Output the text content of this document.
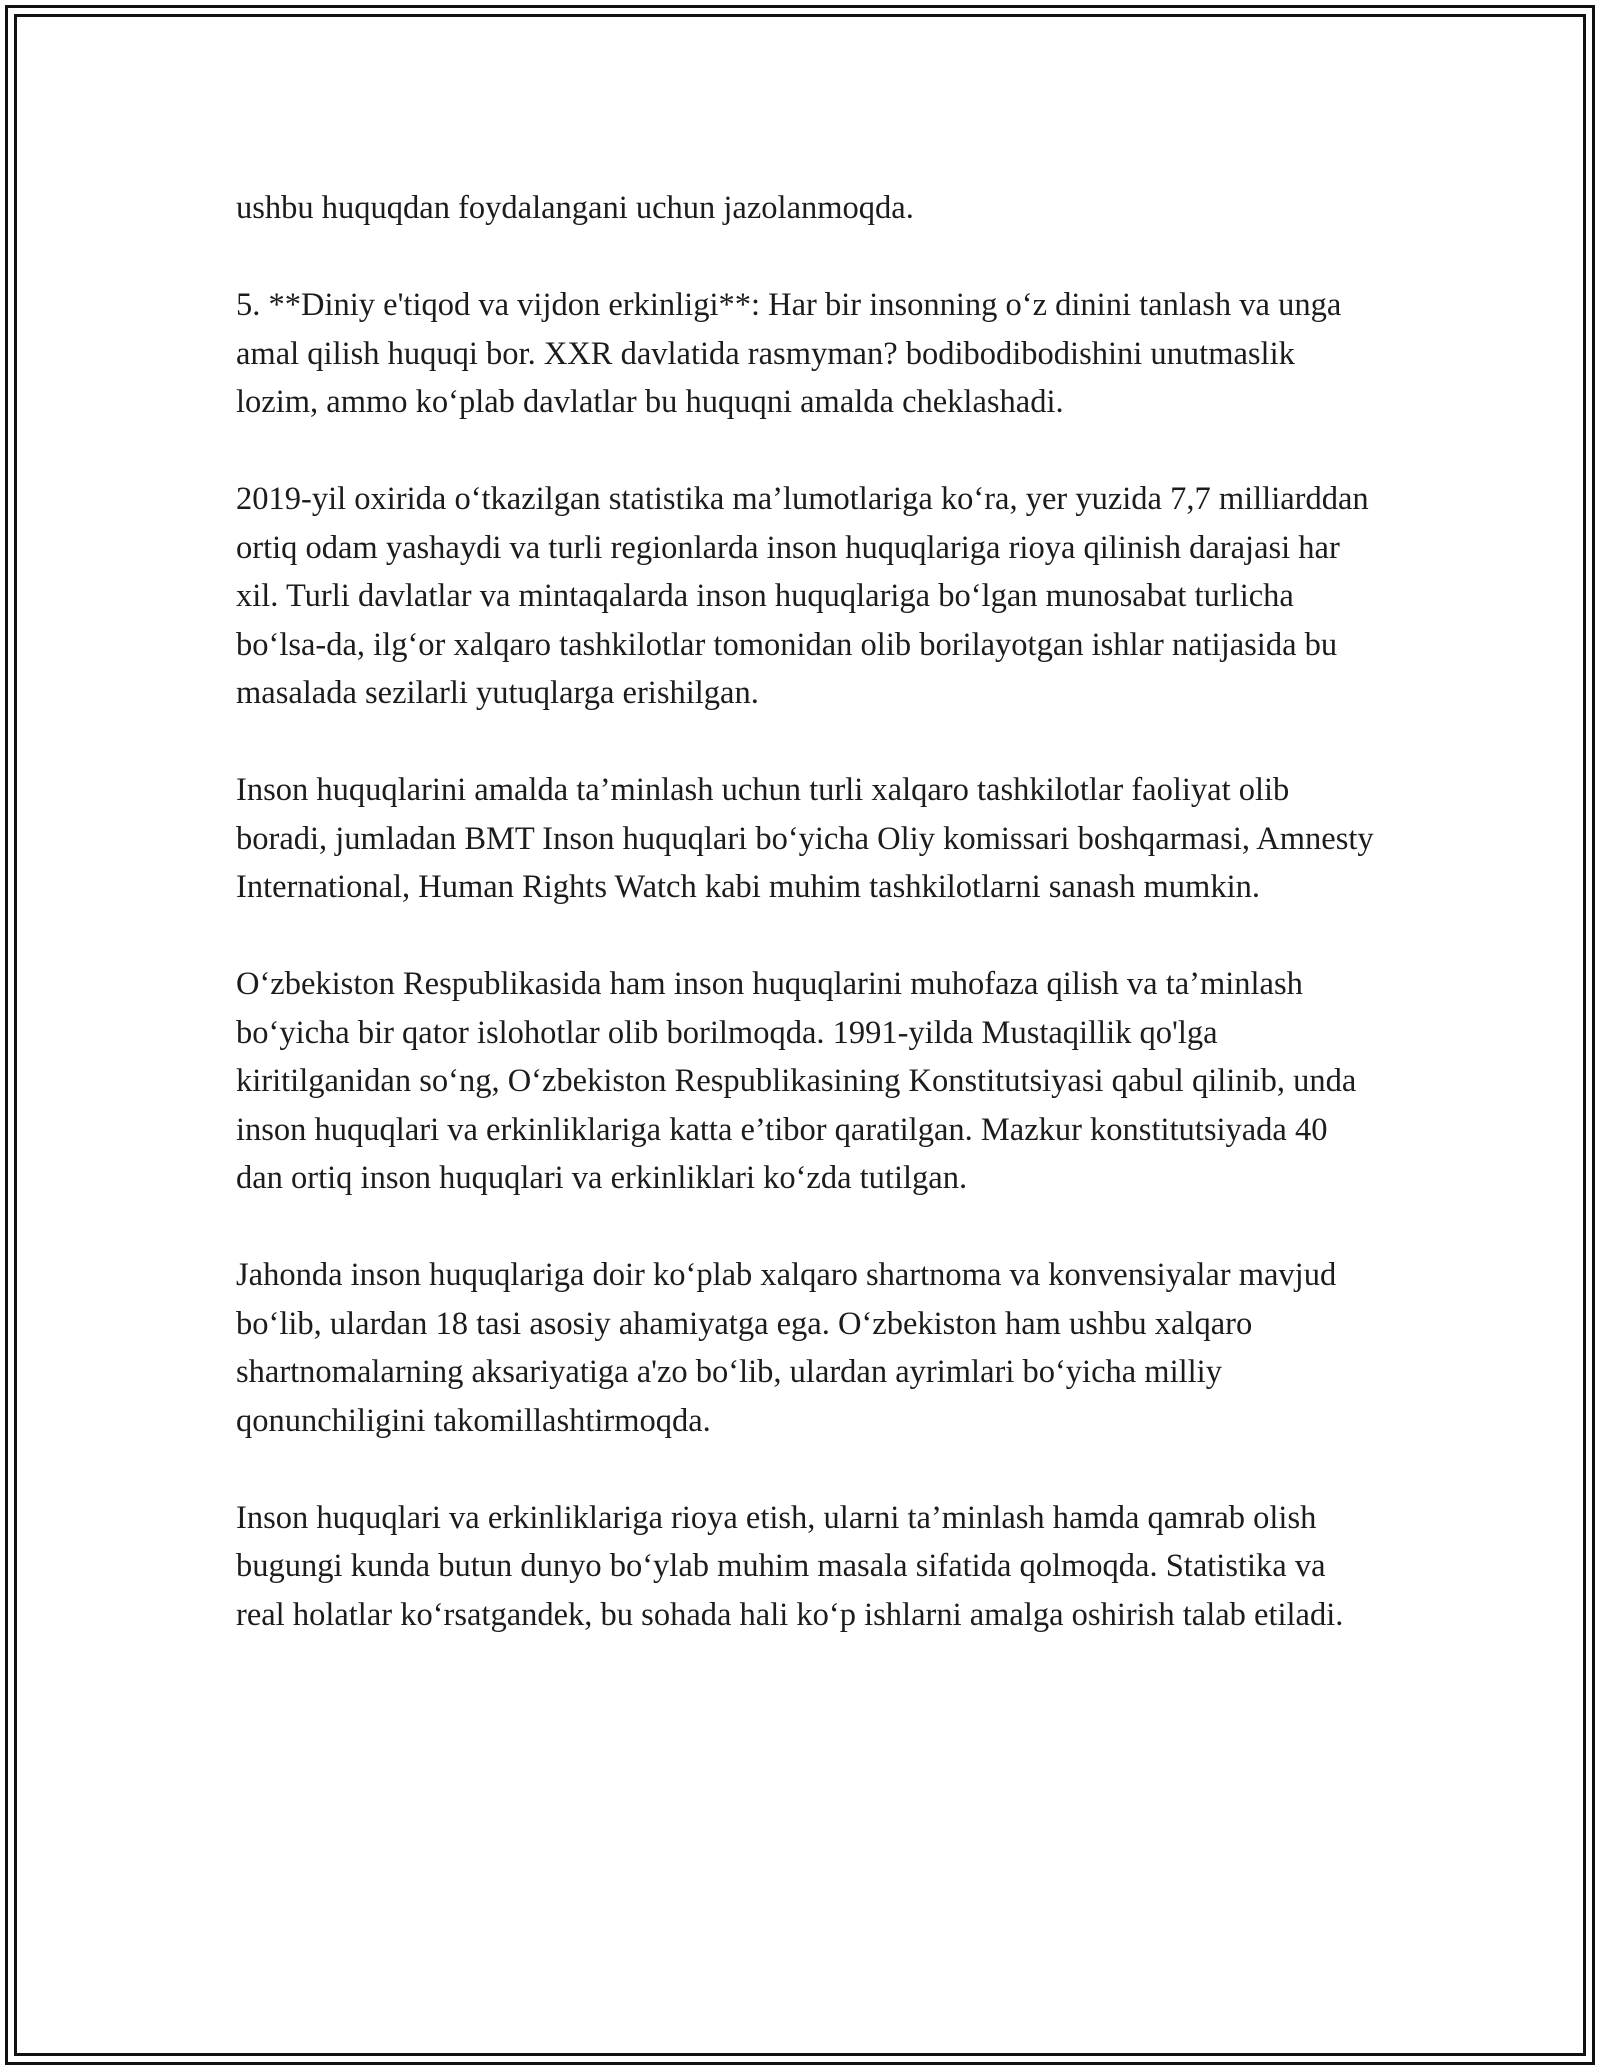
ushbu huquqdan foydalangani uchun jazolanmoqda.

5. **Diniy e'tiqod va vijdon erkinligi**: Har bir insonning o‘z dinini tanlash va unga amal qilish huquqi bor. XXR davlatida rasmyman? bodibodibodishini unutmaslik lozim, ammo ko‘plab davlatlar bu huquqni amalda cheklashadi.

2019-yil oxirida o‘tkazilgan statistika ma’lumotlariga ko‘ra, yer yuzida 7,7 milliarddan ortiq odam yashaydi va turli regionlarda inson huquqlariga rioya qilinish darajasi har xil. Turli davlatlar va mintaqalarda inson huquqlariga bo‘lgan munosabat turlicha bo‘lsa-da, ilg‘or xalqaro tashkilotlar tomonidan olib borilayotgan ishlar natijasida bu masalada sezilarli yutuqlarga erishilgan.

Inson huquqlarini amalda ta’minlash uchun turli xalqaro tashkilotlar faoliyat olib boradi, jumladan BMT Inson huquqlari bo‘yicha Oliy komissari boshqarmasi, Amnesty International, Human Rights Watch kabi muhim tashkilotlarni sanash mumkin.

O‘zbekiston Respublikasida ham inson huquqlarini muhofaza qilish va ta’minlash bo‘yicha bir qator islohotlar olib borilmoqda. 1991-yilda Mustaqillik qo'lga kiritilganidan so‘ng, O‘zbekiston Respublikasining Konstitutsiyasi qabul qilinib, unda inson huquqlari va erkinliklariga katta e’tibor qaratilgan. Mazkur konstitutsiyada 40 dan ortiq inson huquqlari va erkinliklari ko‘zda tutilgan.

Jahonda inson huquqlariga doir ko‘plab xalqaro shartnoma va konvensiyalar mavjud bo‘lib, ulardan 18 tasi asosiy ahamiyatga ega. O‘zbekiston ham ushbu xalqaro shartnomalarning aksariyatiga a'zo bo‘lib, ulardan ayrimlari bo‘yicha milliy qonunchiligini takomillashtirmoqda.

Inson huquqlari va erkinliklariga rioya etish, ularni ta’minlash hamda qamrab olish bugungi kunda butun dunyo bo‘ylab muhim masala sifatida qolmoqda. Statistika va real holatlar ko‘rsatgandek, bu sohada hali ko‘p ishlarni amalga oshirish talab etiladi.
